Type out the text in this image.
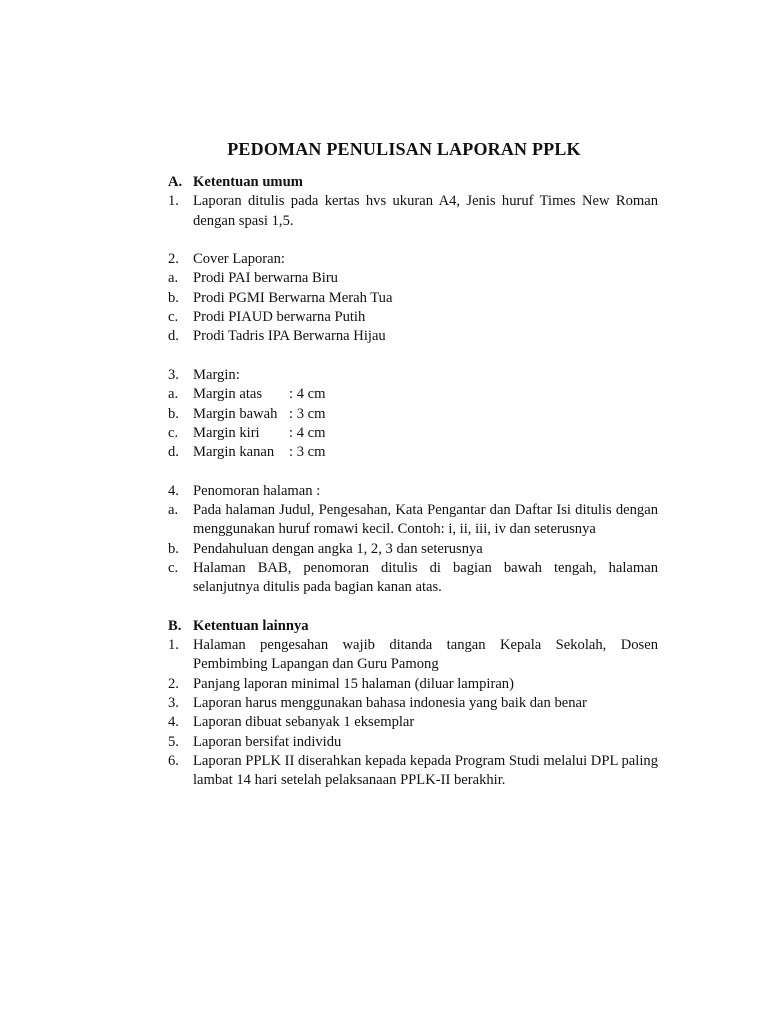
PEDOMAN PENULISAN LAPORAN PPLK
A. Ketentuan umum
1. Laporan ditulis pada kertas hvs ukuran A4, Jenis huruf Times New Roman dengan spasi 1,5.
2. Cover Laporan:
a.	Prodi PAI berwarna Biru
b. Prodi PGMI Berwarna Merah Tua
c.	Prodi PIAUD berwarna Putih
d. Prodi Tadris IPA Berwarna Hijau
3. Margin:
a.	Margin atas : 4 cm
b. Margin bawah : 3 cm
c.	Margin kiri : 4 cm
d. Margin kanan : 3 cm
4. Penomoran halaman :
a.	Pada halaman Judul, Pengesahan, Kata Pengantar dan Daftar Isi ditulis dengan menggunakan huruf romawi kecil. Contoh: i, ii, iii, iv dan seterusnya
b. Pendahuluan dengan angka 1, 2, 3 dan seterusnya
c.	Halaman BAB, penomoran ditulis di bagian bawah tengah, halaman selanjutnya ditulis pada bagian kanan atas.
B. Ketentuan lainnya
1. Halaman pengesahan wajib ditanda tangan Kepala Sekolah, Dosen Pembimbing Lapangan dan Guru Pamong
2. Panjang laporan minimal 15 halaman (diluar lampiran)
3. Laporan harus menggunakan bahasa indonesia yang baik dan benar
4. Laporan dibuat sebanyak 1 eksemplar
5. Laporan bersifat individu
6. Laporan PPLK II diserahkan kepada kepada Program Studi melalui DPL paling lambat 14 hari setelah pelaksanaan PPLK-II berakhir.
